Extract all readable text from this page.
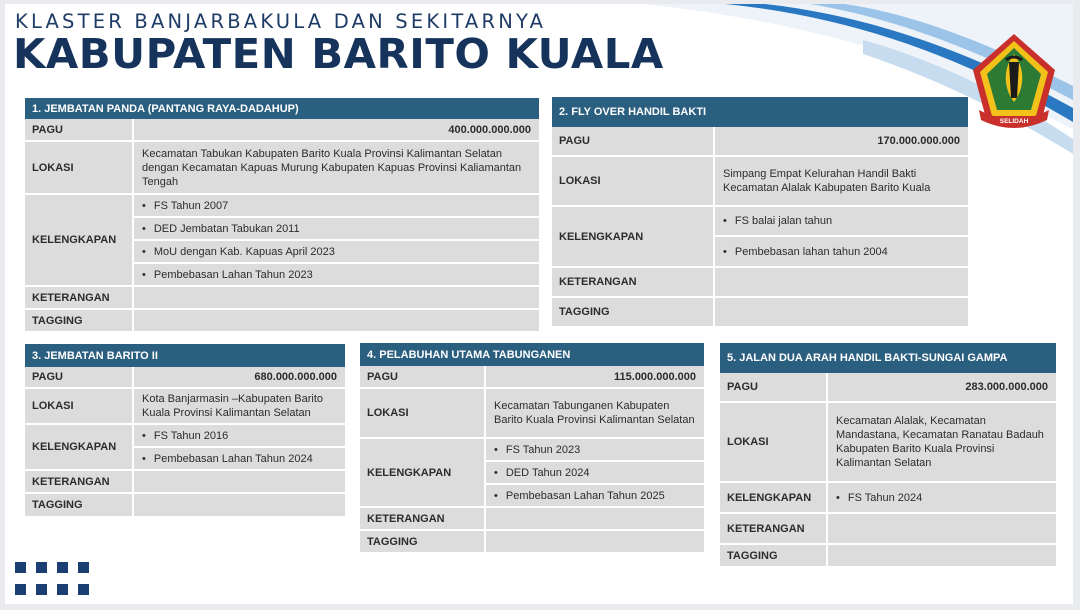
KLASTER BANJARBAKULA DAN SEKITARNYA
KABUPATEN BARITO KUALA
SELIDAH
1. JEMBATAN PANDA (PANTANG RAYA-DADAHUP)
PAGU	400.000.000.000
LOKASI	Kecamatan Tabukan Kabupaten Barito Kuala Provinsi Kalimantan Selatan dengan Kecamatan Kapuas Murung Kabupaten Kapuas Provinsi Kaliamantan Tengah
KELENGKAPAN	• FS Tahun 2007
	• DED Jembatan Tabukan 2011
	• MoU dengan Kab. Kapuas April 2023
	• Pembebasan Lahan Tahun 2023
KETERANGAN	
TAGGING	
2. FLY OVER HANDIL BAKTI
PAGU	170.000.000.000
LOKASI	Simpang Empat Kelurahan Handil Bakti Kecamatan Alalak Kabupaten Barito Kuala
KELENGKAPAN	• FS balai jalan tahun
	• Pembebasan lahan tahun 2004
KETERANGAN	
TAGGING	
3. JEMBATAN BARITO II
PAGU	680.000.000.000
LOKASI	Kota Banjarmasin –Kabupaten Barito Kuala Provinsi Kalimantan Selatan
KELENGKAPAN	• FS Tahun 2016
	• Pembebasan Lahan Tahun 2024
KETERANGAN	
TAGGING	
4. PELABUHAN UTAMA TABUNGANEN
PAGU	115.000.000.000
LOKASI	Kecamatan Tabunganen Kabupaten Barito Kuala Provinsi Kalimantan Selatan
KELENGKAPAN	• FS Tahun 2023
	• DED Tahun 2024
	• Pembebasan Lahan Tahun 2025
KETERANGAN	
TAGGING	
5. JALAN DUA ARAH HANDIL BAKTI-SUNGAI GAMPA
PAGU	283.000.000.000
LOKASI	Kecamatan Alalak, Kecamatan Mandastana, Kecamatan Ranatau Badauh Kabupaten Barito Kuala Provinsi Kalimantan Selatan
KELENGKAPAN	• FS Tahun 2024
KETERANGAN	
TAGGING	
